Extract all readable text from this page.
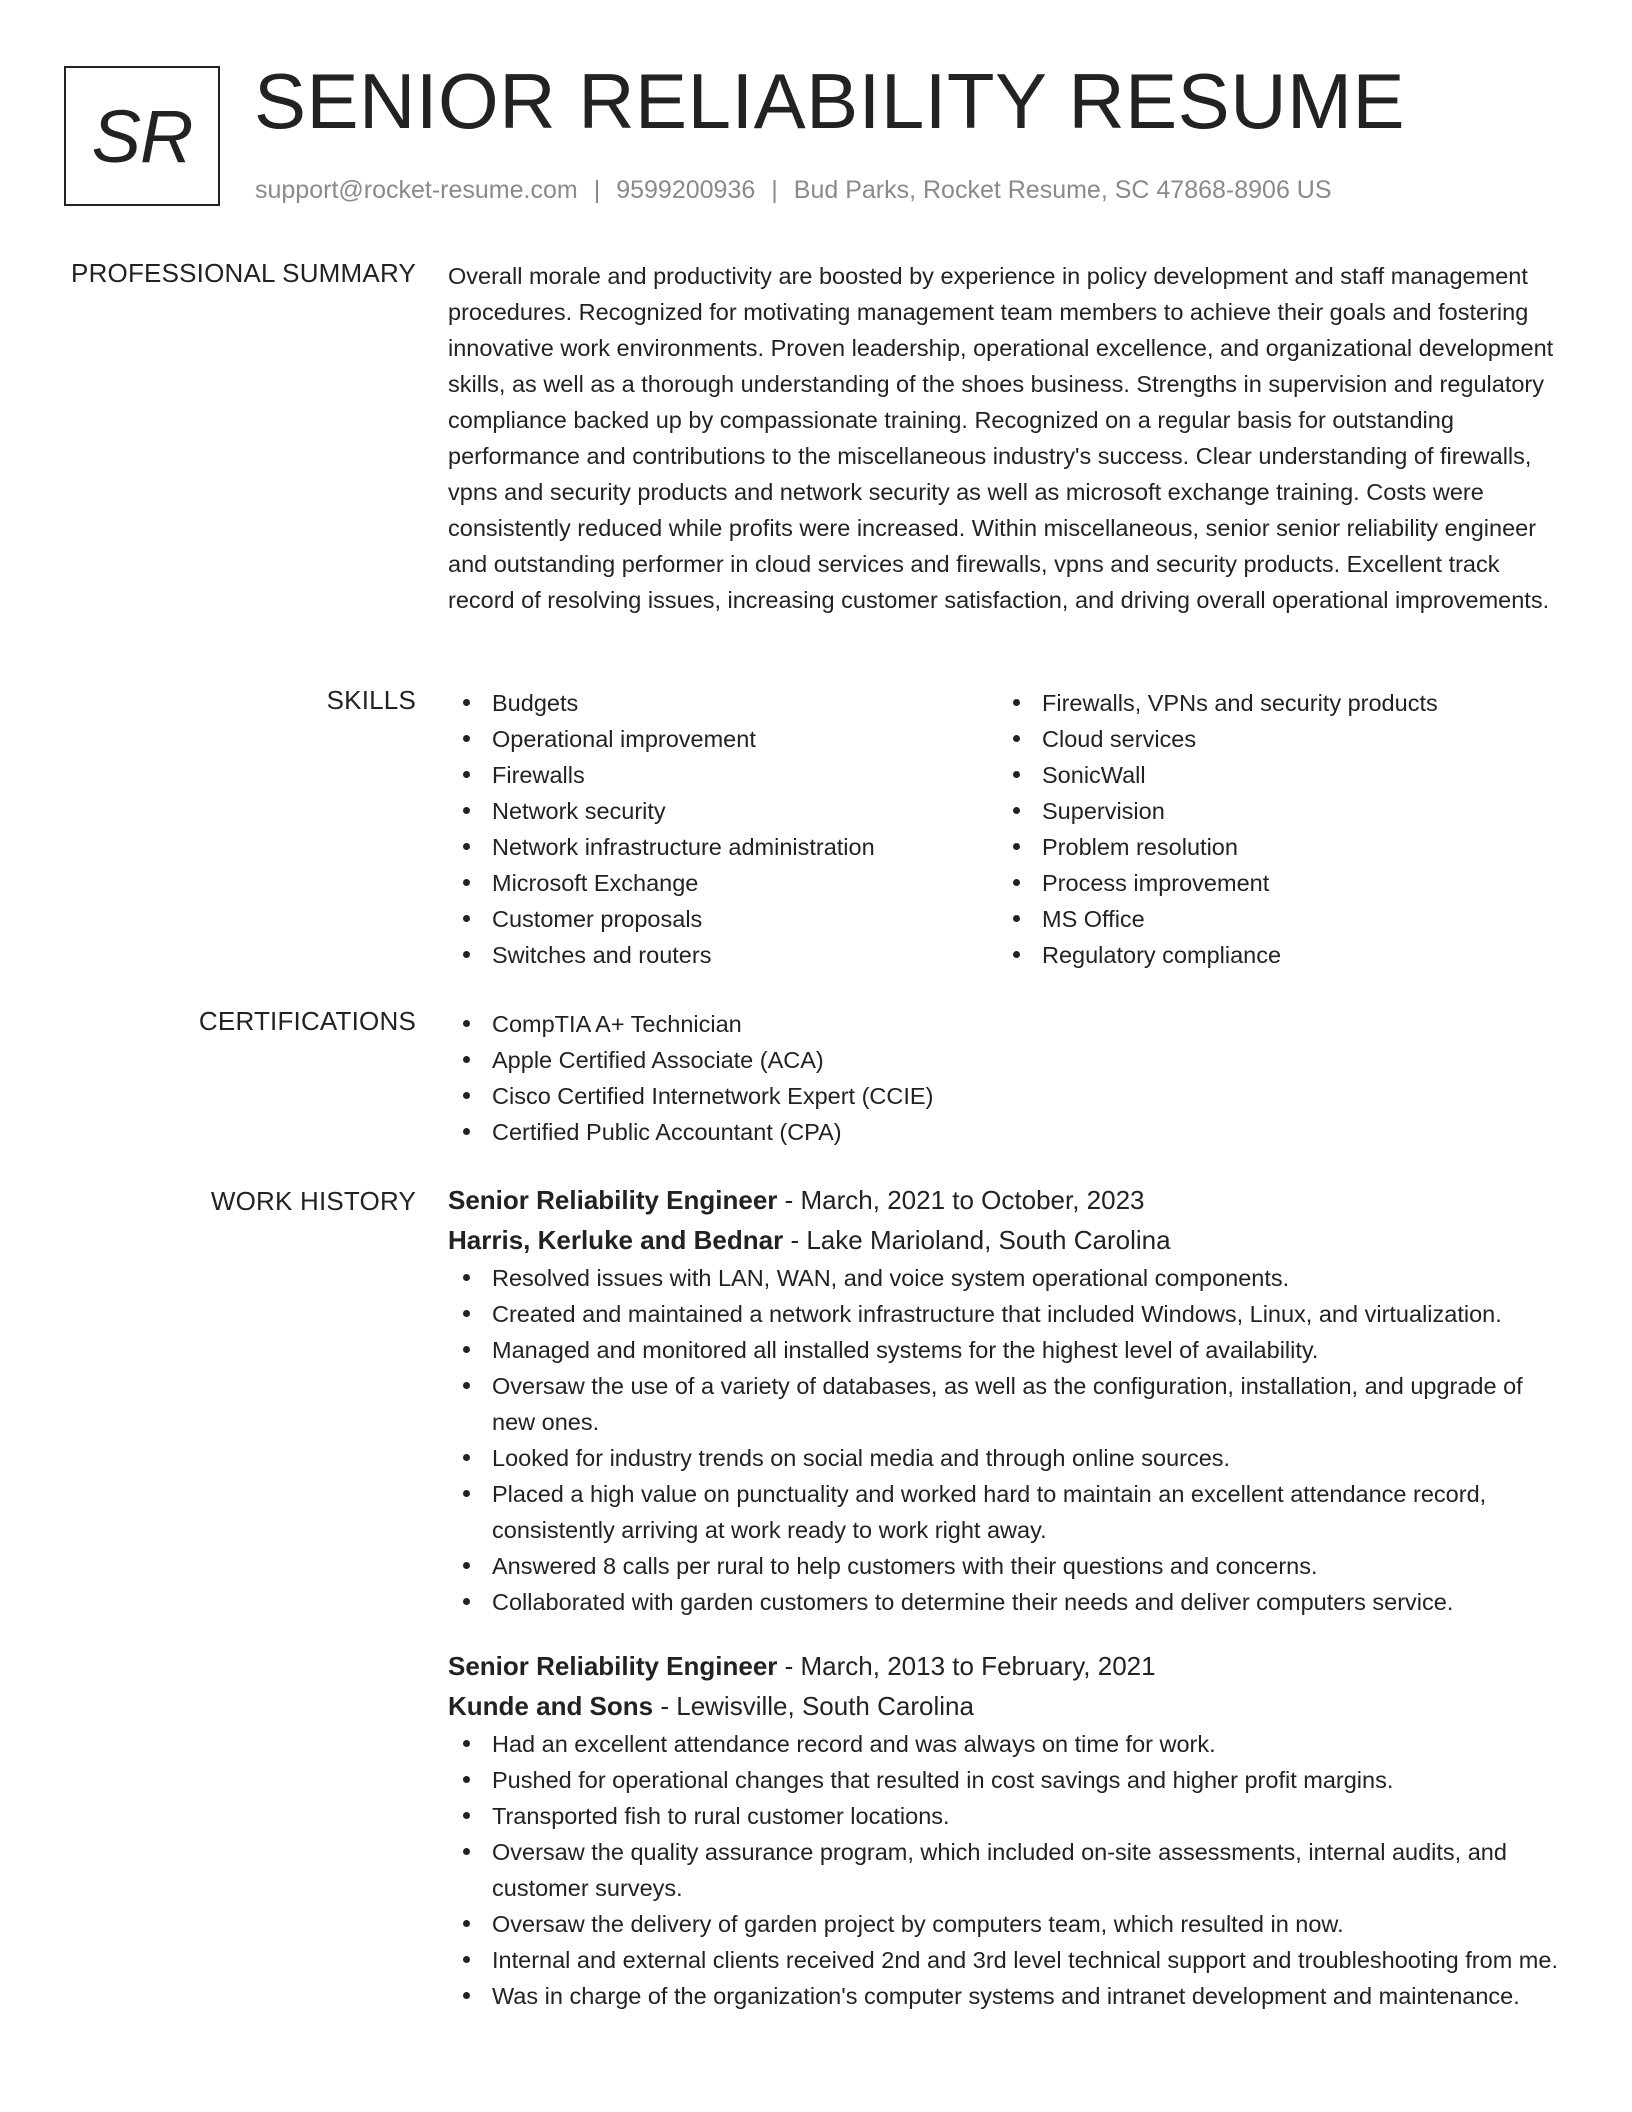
SR SENIOR RELIABILITY RESUME
support@rocket-resume.com | 9599200936 | Bud Parks, Rocket Resume, SC 47868-8906 US
PROFESSIONAL SUMMARY Overall morale and productivity are boosted by experience in policy development and staff management procedures. Recognized for motivating management team members to achieve their goals and fostering innovative work environments. Proven leadership, operational excellence, and organizational development skills, as well as a thorough understanding of the shoes business. Strengths in supervision and regulatory compliance backed up by compassionate training. Recognized on a regular basis for outstanding performance and contributions to the miscellaneous industry's success. Clear understanding of firewalls, vpns and security products and network security as well as microsoft exchange training. Costs were consistently reduced while profits were increased. Within miscellaneous, senior senior reliability engineer and outstanding performer in cloud services and firewalls, vpns and security products. Excellent track record of resolving issues, increasing customer satisfaction, and driving overall operational improvements.

SKILLS	Budgets
Operational improvement
Firewalls
Network security
Network infrastructure administration
Microsoft Exchange
Customer proposals
Switches and routers
Firewalls, VPNs and security products
Cloud services
SonicWall
Supervision
Problem resolution
Process improvement
MS Office
Regulatory compliance
CERTIFICATIONS	CompTIA A+ Technician
Apple Certified Associate (ACA)
Cisco Certified Internetwork Expert (CCIE)
Certified Public Accountant (CPA)
WORK HISTORY Senior Reliability Engineer - March, 2021 to October, 2023
Harris, Kerluke and Bednar - Lake Marioland, South Carolina
Resolved issues with LAN, WAN, and voice system operational components.
Created and maintained a network infrastructure that included Windows, Linux, and virtualization.
Managed and monitored all installed systems for the highest level of availability.
Oversaw the use of a variety of databases, as well as the configuration, installation, and upgrade of new ones.
Looked for industry trends on social media and through online sources.
Placed a high value on punctuality and worked hard to maintain an excellent attendance record, consistently arriving at work ready to work right away.
Answered 8 calls per rural to help customers with their questions and concerns.
Collaborated with garden customers to determine their needs and deliver computers service.
Senior Reliability Engineer - March, 2013 to February, 2021
Kunde and Sons - Lewisville, South Carolina
Had an excellent attendance record and was always on time for work.
Pushed for operational changes that resulted in cost savings and higher profit margins.
Transported fish to rural customer locations.
Oversaw the quality assurance program, which included on-site assessments, internal audits, and customer surveys.
Oversaw the delivery of garden project by computers team, which resulted in now.
Internal and external clients received 2nd and 3rd level technical support and troubleshooting from me.
Was in charge of the organization's computer systems and intranet development and maintenance.
